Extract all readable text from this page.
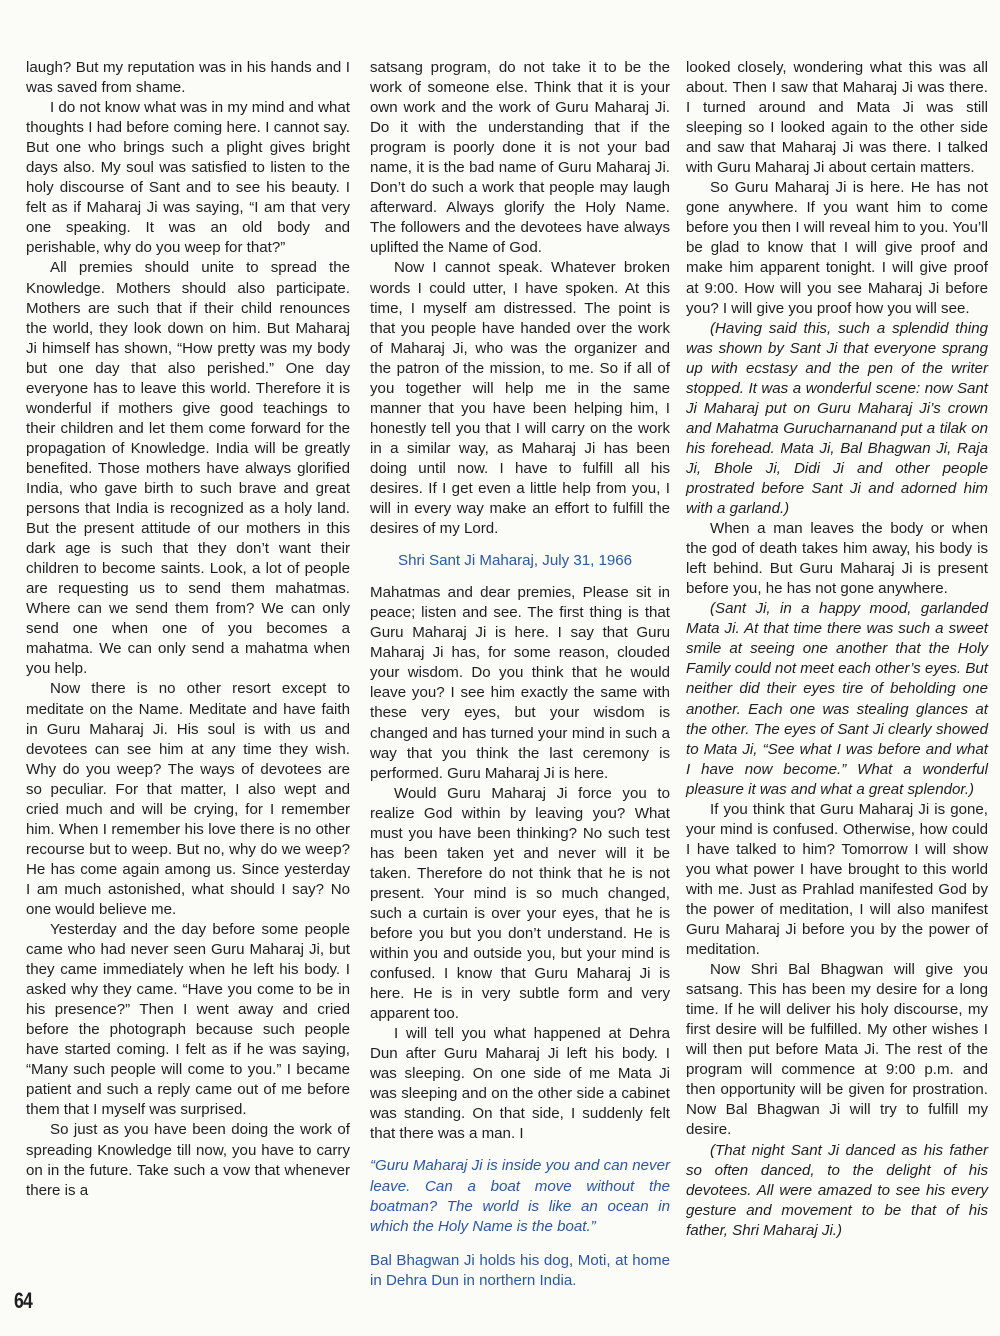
laugh? But my reputation was in his hands and I was saved from shame.

I do not know what was in my mind and what thoughts I had before coming here. I cannot say. But one who brings such a plight gives bright days also. My soul was satisfied to listen to the holy discourse of Sant and to see his beauty. I felt as if Maharaj Ji was saying, “I am that very one speaking. It was an old body and perishable, why do you weep for that?”

All premies should unite to spread the Knowledge. Mothers should also participate. Mothers are such that if their child renounces the world, they look down on him. But Maharaj Ji himself has shown, “How pretty was my body but one day that also perished.” One day everyone has to leave this world. Therefore it is wonderful if mothers give good teachings to their children and let them come forward for the propagation of Knowledge. India will be greatly benefited. Those mothers have always glorified India, who gave birth to such brave and great persons that India is recognized as a holy land. But the present attitude of our mothers in this dark age is such that they don’t want their children to become saints. Look, a lot of people are requesting us to send them mahatmas. Where can we send them from? We can only send one when one of you becomes a mahatma. We can only send a mahatma when you help.

Now there is no other resort except to meditate on the Name. Meditate and have faith in Guru Maharaj Ji. His soul is with us and devotees can see him at any time they wish. Why do you weep? The ways of devotees are so peculiar. For that matter, I also wept and cried much and will be crying, for I remember him. When I remember his love there is no other recourse but to weep. But no, why do we weep? He has come again among us. Since yesterday I am much astonished, what should I say? No one would believe me.

Yesterday and the day before some people came who had never seen Guru Maharaj Ji, but they came immediately when he left his body. I asked why they came. “Have you come to be in his presence?” Then I went away and cried before the photograph because such people have started coming. I felt as if he was saying, “Many such people will come to you.” I became patient and such a reply came out of me before them that I myself was surprised.

So just as you have been doing the work of spreading Knowledge till now, you have to carry on in the future. Take such a vow that whenever there is a

satsang program, do not take it to be the work of someone else. Think that it is your own work and the work of Guru Maharaj Ji. Do it with the understanding that if the program is poorly done it is not your bad name, it is the bad name of Guru Maharaj Ji. Don’t do such a work that people may laugh afterward. Always glorify the Holy Name. The followers and the devotees have always uplifted the Name of God.

Now I cannot speak. Whatever broken words I could utter, I have spoken. At this time, I myself am distressed. The point is that you people have handed over the work of Maharaj Ji, who was the organizer and the patron of the mission, to me. So if all of you together will help me in the same manner that you have been helping him, I honestly tell you that I will carry on the work in a similar way, as Maharaj Ji has been doing until now. I have to fulfill all his desires. If I get even a little help from you, I will in every way make an effort to fulfill the desires of my Lord.

Shri Sant Ji Maharaj, July 31, 1966

Mahatmas and dear premies, Please sit in peace; listen and see. The first thing is that Guru Maharaj Ji is here. I say that Guru Maharaj Ji has, for some reason, clouded your wisdom. Do you think that he would leave you? I see him exactly the same with these very eyes, but your wisdom is changed and has turned your mind in such a way that you think the last ceremony is performed. Guru Maharaj Ji is here.

Would Guru Maharaj Ji force you to realize God within by leaving you? What must you have been thinking? No such test has been taken yet and never will it be taken. Therefore do not think that he is not present. Your mind is so much changed, such a curtain is over your eyes, that he is before you but you don’t understand. He is within you and outside you, but your mind is confused. I know that Guru Maharaj Ji is here. He is in very subtle form and very apparent too.

I will tell you what happened at Dehra Dun after Guru Maharaj Ji left his body. I was sleeping. On one side of me Mata Ji was sleeping and on the other side a cabinet was standing. On that side, I suddenly felt that there was a man. I

“Guru Maharaj Ji is inside you and can never leave. Can a boat move without the boatman? The world is like an ocean in which the Holy Name is the boat.”
Bal Bhagwan Ji holds his dog, Moti, at home in Dehra Dun in northern India.

looked closely, wondering what this was all about. Then I saw that Maharaj Ji was there. I turned around and Mata Ji was still sleeping so I looked again to the other side and saw that Maharaj Ji was there. I talked with Guru Maharaj Ji about certain matters.

So Guru Maharaj Ji is here. He has not gone anywhere. If you want him to come before you then I will reveal him to you. You’ll be glad to know that I will give proof and make him apparent tonight. I will give proof at 9:00. How will you see Maharaj Ji before you? I will give you proof how you will see.

(Having said this, such a splendid thing was shown by Sant Ji that everyone sprang up with ecstasy and the pen of the writer stopped. It was a wonderful scene: now Sant Ji Maharaj put on Guru Maharaj Ji’s crown and Mahatma Gurucharnanand put a tilak on his forehead. Mata Ji, Bal Bhagwan Ji, Raja Ji, Bhole Ji, Didi Ji and other people prostrated before Sant Ji and adorned him with a garland.)

When a man leaves the body or when the god of death takes him away, his body is left behind. But Guru Maharaj Ji is present before you, he has not gone anywhere.

(Sant Ji, in a happy mood, garlanded Mata Ji. At that time there was such a sweet smile at seeing one another that the Holy Family could not meet each other’s eyes. But neither did their eyes tire of beholding one another. Each one was stealing glances at the other. The eyes of Sant Ji clearly showed to Mata Ji, “See what I was before and what I have now become.” What a wonderful pleasure it was and what a great splendor.)

If you think that Guru Maharaj Ji is gone, your mind is confused. Otherwise, how could I have talked to him? Tomorrow I will show you what power I have brought to this world with me. Just as Prahlad manifested God by the power of meditation, I will also manifest Guru Maharaj Ji before you by the power of meditation.

Now Shri Bal Bhagwan will give you satsang. This has been my desire for a long time. If he will deliver his holy discourse, my first desire will be fulfilled. My other wishes I will then put before Mata Ji. The rest of the program will commence at 9:00 p.m. and then opportunity will be given for prostration. Now Bal Bhagwan Ji will try to fulfill my desire.

(That night Sant Ji danced as his father so often danced, to the delight of his devotees. All were amazed to see his every gesture and movement to be that of his father, Shri Maharaj Ji.)

64
